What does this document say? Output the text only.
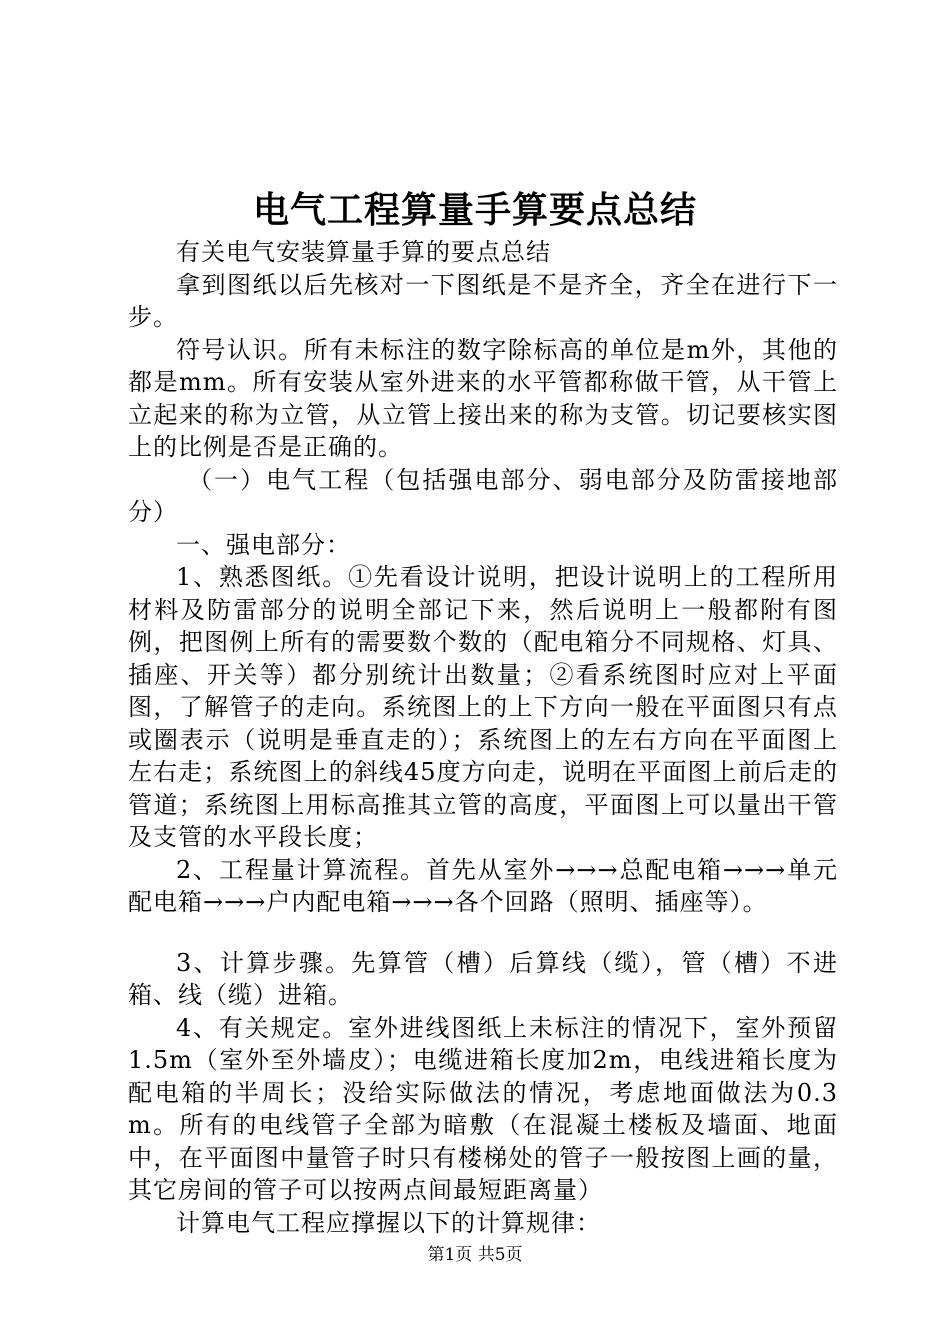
电气工程算量手算要点总结

有关电气安装算量手算的要点总结

拿到图纸以后先核对一下图纸是不是齐全，齐全在进行下一步。

符号认识。所有未标注的数字除标高的单位是m外，其他的都是mm。所有安装从室外进来的水平管都称做干管，从干管上立起来的称为立管，从立管上接出来的称为支管。切记要核实图上的比例是否是正确的。

（一）电气工程（包括强电部分、弱电部分及防雷接地部分）

一、强电部分：

1、熟悉图纸。①先看设计说明，把设计说明上的工程所用材料及防雷部分的说明全部记下来，然后说明上一般都附有图例，把图例上所有的需要数个数的（配电箱分不同规格、灯具、插座、开关等）都分别统计出数量；②看系统图时应对上平面图，了解管子的走向。系统图上的上下方向一般在平面图只有点或圈表示（说明是垂直走的）；系统图上的左右方向在平面图上左右走；系统图上的斜线45度方向走，说明在平面图上前后走的管道；系统图上用标高推其立管的高度，平面图上可以量出干管及支管的水平段长度；

2、工程量计算流程。首先从室外→→→总配电箱→→→单元配电箱→→→户内配电箱→→→各个回路（照明、插座等）。

3、计算步骤。先算管（槽）后算线（缆），管（槽）不进箱、线（缆）进箱。

4、有关规定。室外进线图纸上未标注的情况下，室外预留1.5m（室外至外墙皮）；电缆进箱长度加2m，电线进箱长度为配电箱的半周长；没给实际做法的情况，考虑地面做法为0.3m。所有的电线管子全部为暗敷（在混凝土楼板及墙面、地面中，在平面图中量管子时只有楼梯处的管子一般按图上画的量，其它房间的管子可以按两点间最短距离量）

计算电气工程应撑握以下的计算规律：

第1页 共5页
